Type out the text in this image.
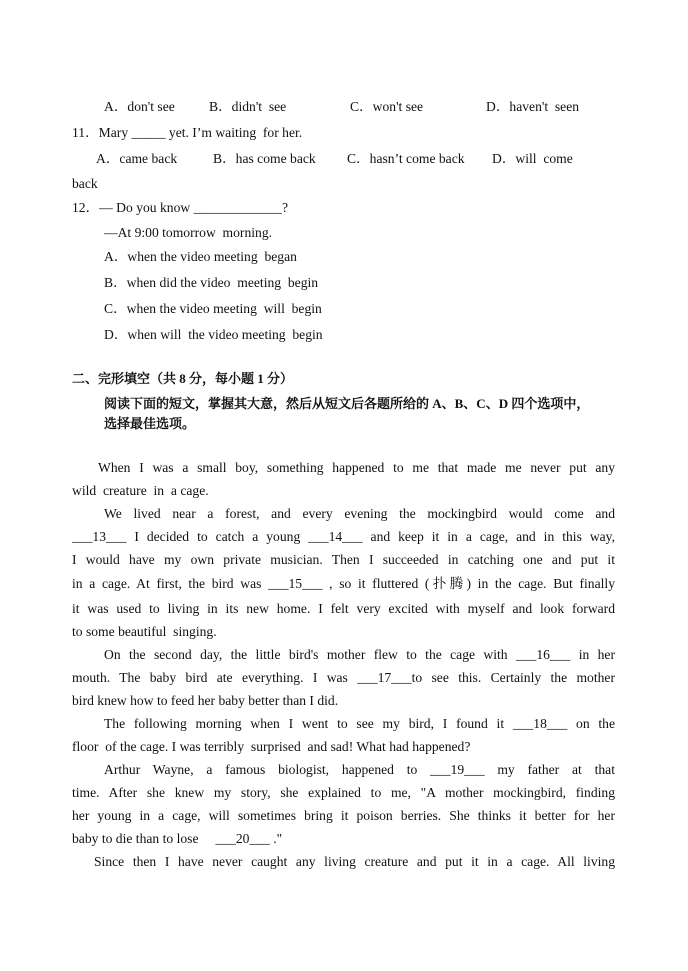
A．don't see	B．didn't  see	C．won't see	D．haven't  seen
11．Mary _____ yet. I’m waiting  for her.
A．came back	B．has come back C．hasn’t come back D．will  come
back
12．— Do you know _____________?
—At 9:00 tomorrow  morning.
A．when the video meeting  began
B．when did the video  meeting  begin
C．when the video meeting  will  begin
D．when will  the video meeting  begin
二、完形填空（共 8 分，每小题 1 分）
阅读下面的短文，掌握其大意，然后从短文后各题所给的 A、B、C、D 四个选项中，
选择最佳选项。
When I was a small boy, something happened to me that made me never put any
wild  creature  in  a cage.
We lived near a forest, and every evening the mockingbird would come and
___13___ I decided to catch a young ___14___ and keep it in a cage, and in this way,
I would have my own private musician. Then I succeeded in catching one and put it
in a cage. At first, the bird was ___15___ , so it fluttered (扑腾) in the cage. But finally
it was used to living in its new home. I felt very excited with myself and look forward
to some beautiful  singing.
On the second day, the little bird's mother flew to the cage with ___16___ in her
mouth. The baby bird ate everything. I was ___17___to see this. Certainly the mother
bird knew how to feed her baby better than I did.
The following morning when I went to see my bird, I found it ___18___ on the
floor  of the cage. I was terribly  surprised  and sad! What had happened?
Arthur Wayne, a famous biologist, happened to ___19___ my father at that
time. After she knew my story, she explained to me, "A mother mockingbird, finding
her young in a cage, will sometimes bring it poison berries. She thinks it better for her
baby to die than to lose     ___20___ ."
Since then I have never caught any living creature and put it in a cage. All living
